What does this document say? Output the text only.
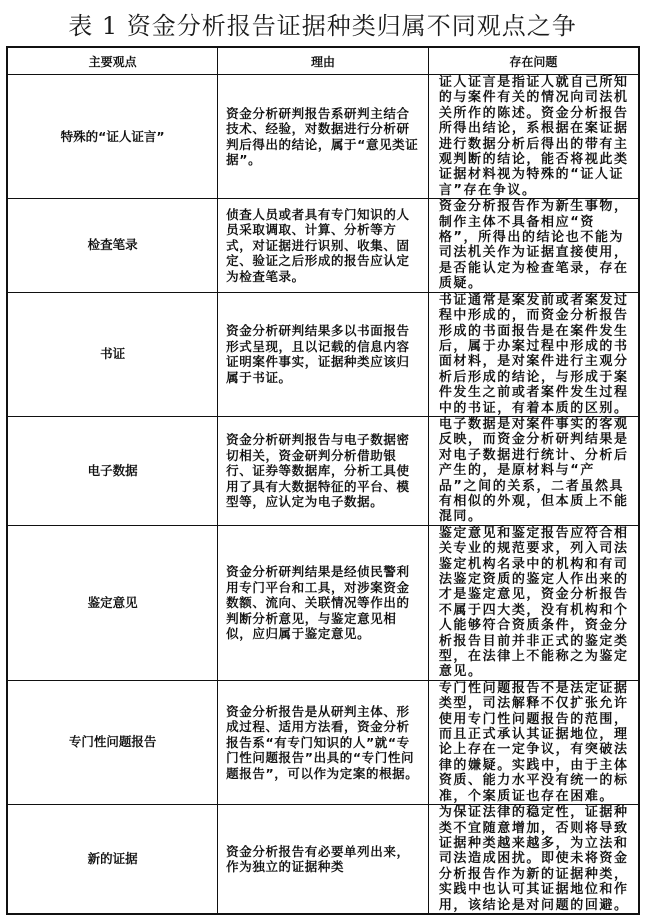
表 1 资金分析报告证据种类归属不同观点之争
主要观点	理由	存在问题
特殊的“证人证言”	资金分析研判报告系研判主结合技术、经验，对数据进行分析研判后得出的结论，属于“意见类证据”。	证人证言是指证人就自己所知的与案件有关的情况向司法机关所作的陈述。资金分析报告所得出结论，系根据在案证据进行数据分析后得出的带有主观判断的结论，能否将视此类证据材料视为特殊的“证人证言”存在争议。
检查笔录	侦查人员或者具有专门知识的人员采取调取、计算、分析等方式，对证据进行识别、收集、固定、验证之后形成的报告应认定为检查笔录。	资金分析报告作为新生事物，制作主体不具备相应“资格”，所得出的结论也不能为司法机关作为证据直接使用，是否能认定为检查笔录，存在质疑。
书证	资金分析研判结果多以书面报告形式呈现，且以记载的信息内容证明案件事实，证据种类应该归属于书证。	书证通常是案发前或者案发过程中形成的，而资金分析报告形成的书面报告是在案件发生后，属于办案过程中形成的书面材料，是对案件进行主观分析后形成的结论，与形成于案件发生之前或者案件发生过程中的书证，有着本质的区别。
电子数据	资金分析研判报告与电子数据密切相关，资金研判分析借助银行、证券等数据库，分析工具使用了具有大数据特征的平台、模型等，应认定为电子数据。	电子数据是对案件事实的客观反映，而资金分析研判结果是对电子数据进行统计、分析后产生的，是原材料与“产品”之间的关系，二者虽然具有相似的外观，但本质上不能混同。
鉴定意见	资金分析研判结果是经侦民警利用专门平台和工具，对涉案资金数额、流向、关联情况等作出的判断分析意见，与鉴定意见相似，应归属于鉴定意见。	鉴定意见和鉴定报告应符合相关专业的规范要求，列入司法鉴定机构名录中的机构和有司法鉴定资质的鉴定人作出来的才是鉴定意见，资金分析报告不属于四大类，没有机构和个人能够符合资质条件，资金分析报告目前并非正式的鉴定类型，在法律上不能称之为鉴定意见。
专门性问题报告	资金分析报告是从研判主体、形成过程、适用方法看，资金分析报告系“有专门知识的人”就“专门性问题报告”出具的“专门性问题报告”，可以作为定案的根据。	专门性问题报告不是法定证据类型，司法解释不仅扩张允许使用专门性问题报告的范围，而且正式承认其证据地位，理论上存在一定争议，有突破法律的嫌疑。实践中，由于主体资质、能力水平没有统一的标准，个案质证也存在困难。
新的证据	资金分析报告有必要单列出来，作为独立的证据种类	为保证法律的稳定性，证据种类不宜随意增加，否则将导致证据种类越来越多，为立法和司法造成困扰。即使未将资金分析报告作为新的证据种类，实践中也认可其证据地位和作用，该结论是对问题的回避。
